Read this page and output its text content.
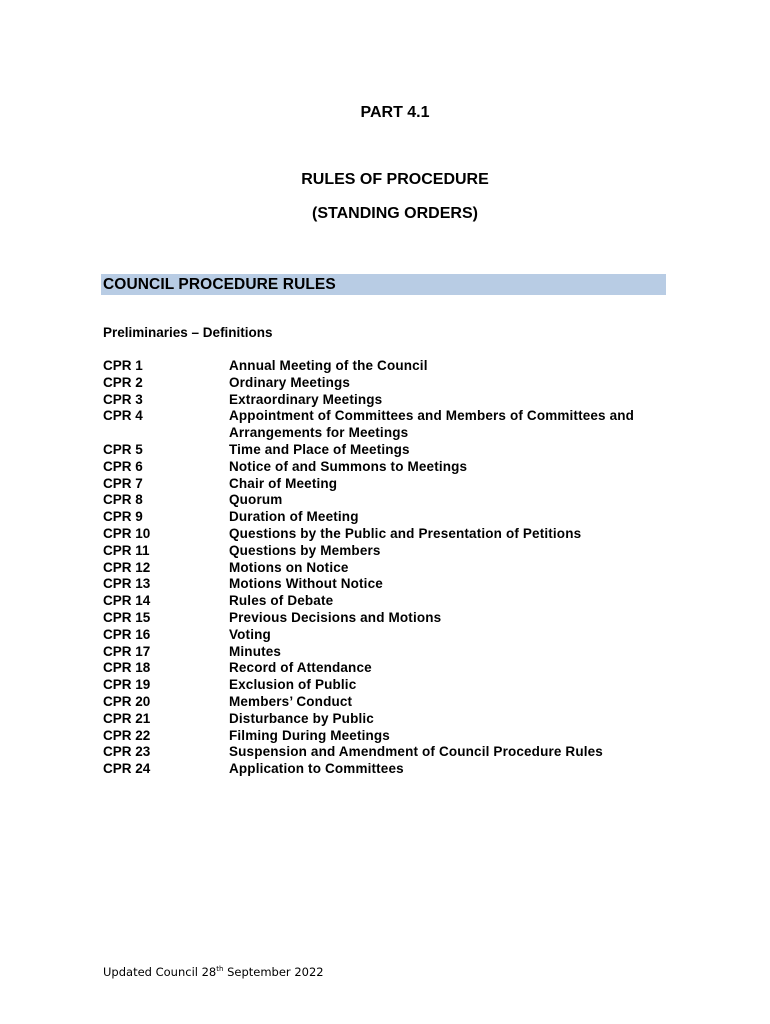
PART 4.1
RULES OF PROCEDURE
(STANDING ORDERS)
COUNCIL PROCEDURE RULES
Preliminaries – Definitions
CPR 1	Annual Meeting of the Council
CPR 2	Ordinary Meetings
CPR 3	Extraordinary Meetings
CPR 4	Appointment of Committees and Members of Committees and Arrangements for Meetings
CPR 5	Time and Place of Meetings
CPR 6	Notice of and Summons to Meetings
CPR 7	Chair of Meeting
CPR 8	Quorum
CPR 9	Duration of Meeting
CPR 10	Questions by the Public and Presentation of Petitions
CPR 11	Questions by Members
CPR 12	Motions on Notice
CPR 13	Motions Without Notice
CPR 14	Rules of Debate
CPR 15	Previous Decisions and Motions
CPR 16	Voting
CPR 17	Minutes
CPR 18	Record of Attendance
CPR 19	Exclusion of Public
CPR 20	Members’ Conduct
CPR 21	Disturbance by Public
CPR 22	Filming During Meetings
CPR 23	Suspension and Amendment of Council Procedure Rules
CPR 24	Application to Committees
Updated Council 28th September 2022
